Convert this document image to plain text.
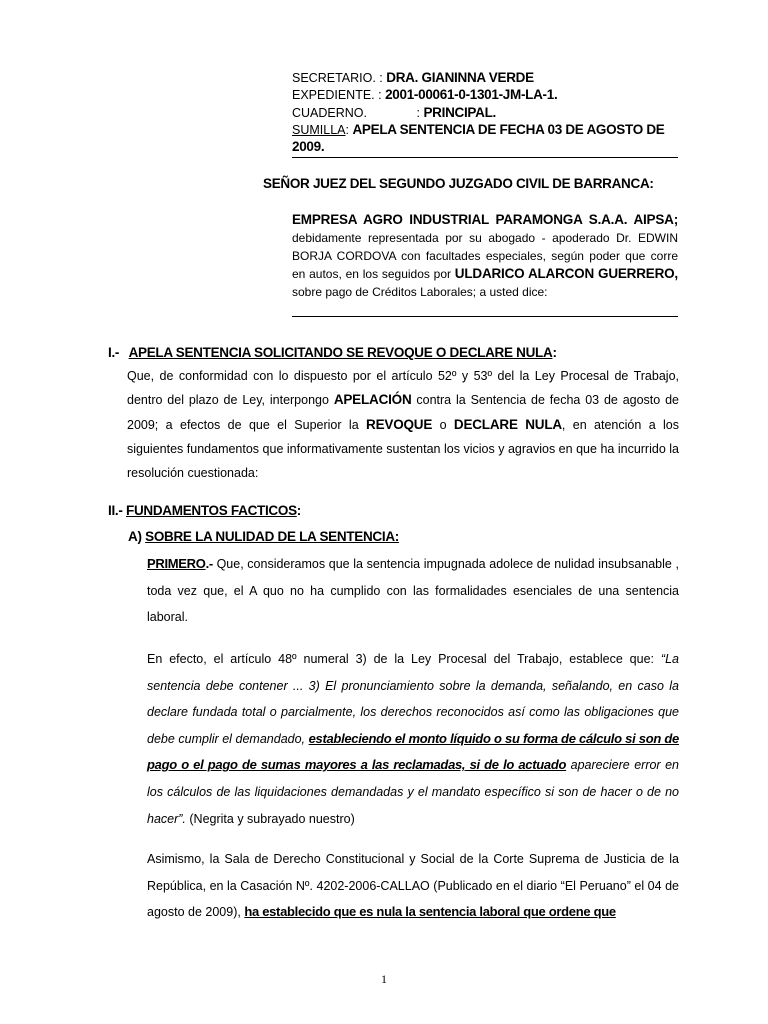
SECRETARIO. : DRA. GIANINNA VERDE
EXPEDIENTE. : 2001-00061-0-1301-JM-LA-1.
CUADERNO.	: PRINCIPAL.
SUMILLA: APELA SENTENCIA DE FECHA 03 DE AGOSTO DE
2009.
SEÑOR JUEZ DEL SEGUNDO JUZGADO CIVIL DE BARRANCA:
EMPRESA AGRO INDUSTRIAL PARAMONGA S.A.A. AIPSA; debidamente representada por su abogado - apoderado Dr. EDWIN BORJA CORDOVA con facultades especiales, según poder que corre en autos, en los seguidos por ULDARICO ALARCON GUERRERO, sobre pago de Créditos Laborales; a usted dice:
I.- APELA SENTENCIA SOLICITANDO SE REVOQUE O DECLARE NULA:
Que, de conformidad con lo dispuesto por el artículo 52º y 53º del la Ley Procesal de Trabajo, dentro del plazo de Ley, interpongo APELACIÓN contra la Sentencia de fecha 03 de agosto de 2009; a efectos de que el Superior la REVOQUE o DECLARE NULA, en atención a los siguientes fundamentos que informativamente sustentan los vicios y agravios en que ha incurrido la resolución cuestionada:
II.- FUNDAMENTOS FACTICOS:
A) SOBRE LA NULIDAD DE LA SENTENCIA:
PRIMERO.- Que, consideramos que la sentencia impugnada adolece de nulidad insubsanable , toda vez que, el A quo no ha cumplido con las formalidades esenciales de una sentencia laboral.
En efecto, el artículo 48º numeral 3) de la Ley Procesal del Trabajo, establece que: “La sentencia debe contener ... 3) El pronunciamiento sobre la demanda, señalando, en caso la declare fundada total o parcialmente, los derechos reconocidos así como las obligaciones que debe cumplir el demandado, estableciendo el monto líquido o su forma de cálculo si son de pago o el pago de sumas mayores a las reclamadas, si de lo actuado apareciere error en los cálculos de las liquidaciones demandadas y el mandato específico si son de hacer o de no hacer”. (Negrita y subrayado nuestro)
Asimismo, la Sala de Derecho Constitucional y Social de la Corte Suprema de Justicia de la República, en la Casación Nº. 4202-2006-CALLAO (Publicado en el diario “El Peruano” el 04 de agosto de 2009), ha establecido que es nula la sentencia laboral que ordene que
1
